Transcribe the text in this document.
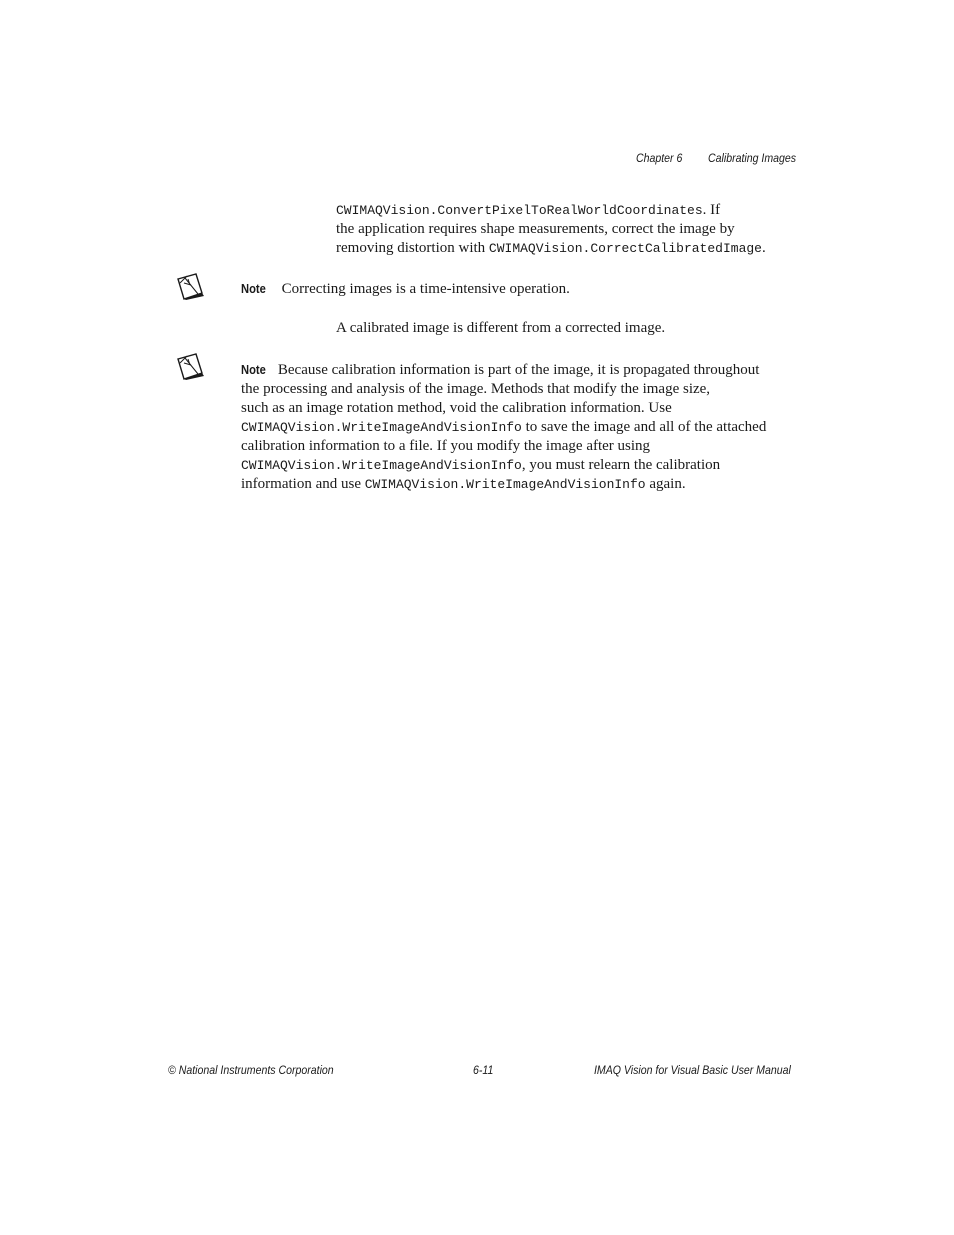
Chapter 6 Calibrating Images
CWIMAQVision.ConvertPixelToRealWorldCoordinates. If
the application requires shape measurements, correct the image by
removing distortion with CWIMAQVision.CorrectCalibratedImage.
Note Correcting images is a time-intensive operation.
A calibrated image is different from a corrected image.
Note Because calibration information is part of the image, it is propagated throughout
the processing and analysis of the image. Methods that modify the image size,
such as an image rotation method, void the calibration information. Use
CWIMAQVision.WriteImageAndVisionInfo to save the image and all of the attached
calibration information to a file. If you modify the image after using
CWIMAQVision.WriteImageAndVisionInfo, you must relearn the calibration
information and use CWIMAQVision.WriteImageAndVisionInfo again.
© National Instruments Corporation	6-11	IMAQ Vision for Visual Basic User Manual
